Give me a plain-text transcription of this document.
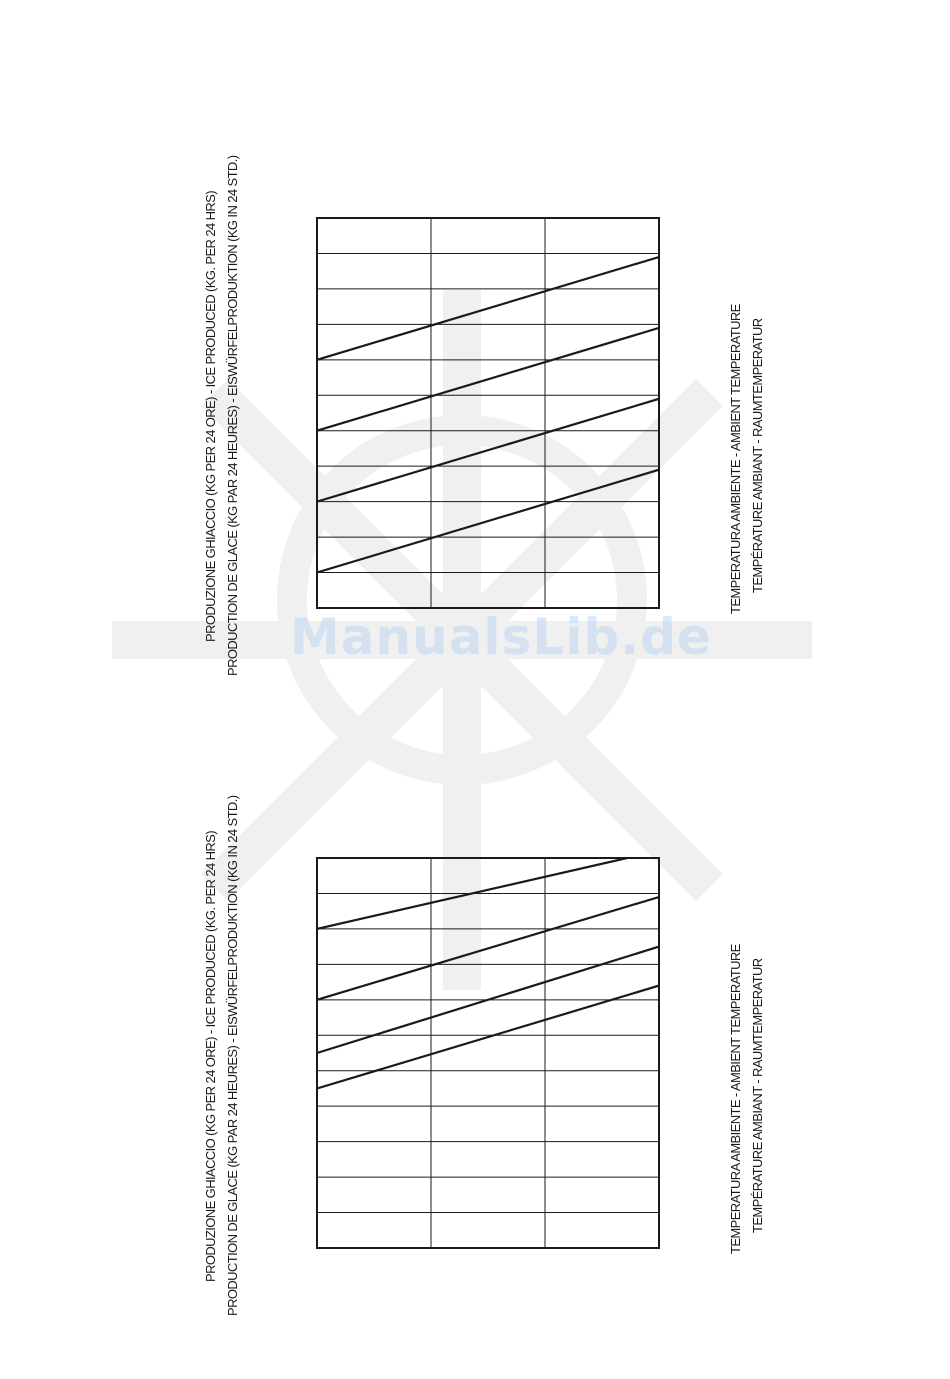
ManualsLib.de
PRODUZIONE GHIACCIO (KG PER 24 ORE) - ICE PRODUCED (KG. PER 24 HRS) PRODUCTION DE GLACE (KG PAR 24 HEURES) - EISWÜRFELPRODUKTION (KG IN 24 STD.)	TEMPERATURA AMBIENTE - AMBIENT TEMPERATURE TEMPÉRATURE AMBIANT - RAUMTEMPERATUR
PRODUZIONE GHIACCIO (KG PER 24 ORE) - ICE PRODUCED (KG. PER 24 HRS) PRODUCTION DE GLACE (KG PAR 24 HEURES) - EISWÜRFELPRODUKTION (KG IN 24 STD.)	TEMPERATURA AMBIENTE - AMBIENT TEMPERATURE TEMPÉRATURE AMBIANT - RAUMTEMPERATUR
